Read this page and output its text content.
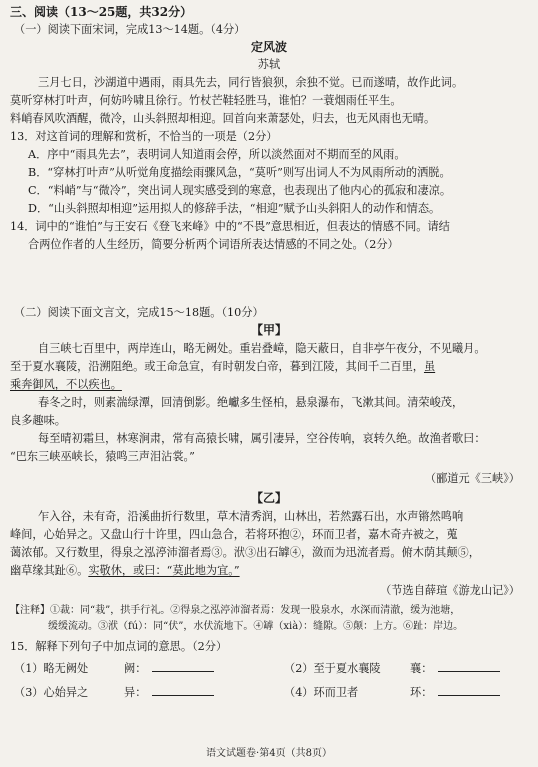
三、阅读（13～25题，共32分）
（一）阅读下面宋词，完成13～14题。（4分）
定风波
苏轼
三月七日，沙湖道中遇雨，雨具先去，同行皆狼狈，余独不觉。已而遂晴，故作此词。
莫听穿林打叶声，何妨吟啸且徐行。竹杖芒鞋轻胜马，谁怕？一蓑烟雨任平生。
料峭春风吹酒醒，微冷，山头斜照却相迎。回首向来萧瑟处，归去，也无风雨也无晴。
13．对这首词的理解和赏析，不恰当的一项是（2分）
A．序中“雨具先去”，表明词人知道雨会停，所以淡然面对不期而至的风雨。
B．“穿林打叶声”从听觉角度描绘雨骤风急，“莫听”则写出词人不为风雨所动的洒脱。
C．“料峭”与“微冷”，突出词人现实感受到的寒意，也表现出了他内心的孤寂和凄凉。
D．“山头斜照却相迎”运用拟人的修辞手法，“相迎”赋予山头斜阳人的动作和情态。
14．词中的“谁怕”与王安石《登飞来峰》中的“不畏”意思相近，但表达的情感不同。请结
合两位作者的人生经历，简要分析两个词语所表达情感的不同之处。（2分）
（二）阅读下面文言文，完成15～18题。（10分）
【甲】
自三峡七百里中，两岸连山，略无阙处。重岩叠嶂，隐天蔽日，自非亭午夜分，不见曦月。
至于夏水襄陵，沿溯阻绝。或王命急宣，有时朝发白帝，暮到江陵，其间千二百里，虽
乘奔御风，不以疾也。
春冬之时，则素湍绿潭，回清倒影。绝巘多生怪柏，悬泉瀑布，飞漱其间。清荣峻茂，
良多趣味。
每至晴初霜旦，林寒涧肃，常有高猿长啸，属引凄异，空谷传响，哀转久绝。故渔者歌曰：
“巴东三峡巫峡长，猿鸣三声泪沾裳。”
（郦道元《三峡》）
【乙】
乍入谷，未有奇，沿溪曲折行数里，草木清秀润，山林出，若然露石出，水声锵然鸣响
峰间，心始异之。又盘山行十许里，四山急合，若将环抱②，环而卫者，嘉木奇卉被之，蒐
蔼浓郁。又行数里，得泉之泓渟沛溜者焉③。洑③出石罅④，潋而为迅流者焉。俯木荫其颠⑤，
幽草缘其趾⑥。实敬休，或曰：“莫此地为宜。”
（节选自薛瑄《游龙山记》）
【注释】①裁：同“栽”，拱手行礼。②得泉之泓渟沛溜者焉：发现一股泉水，水深而清澈，缓为池塘，
缓缓流动。③洑（fú）：同“伏”，水伏流地下。④罅（xià）：缝隙。⑤颠：上方。⑥趾：岸边。
15．解释下列句子中加点词的意思。（2分）
（1）略无阙处	阙：	（2）至于夏水襄陵	襄：
（3）心始异之	异：	（4）环而卫者	环：
语文试题卷·第4页（共8页）
